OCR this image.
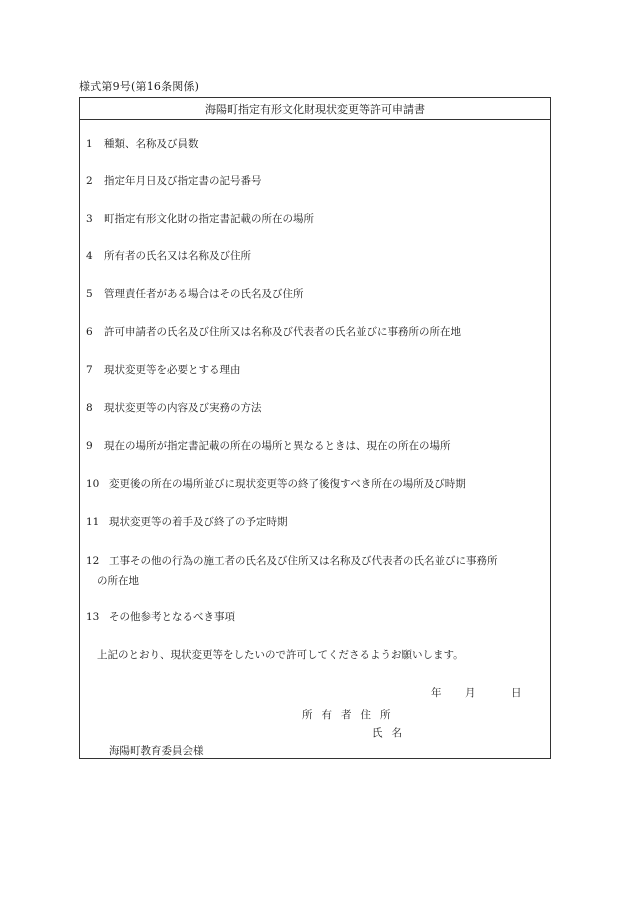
様式第9号(第16条関係)
海陽町指定有形文化財現状変更等許可申請書
1 種類、名称及び員数
2 指定年月日及び指定書の記号番号
3 町指定有形文化財の指定書記載の所在の場所
4 所有者の氏名又は名称及び住所
5 管理責任者がある場合はその氏名及び住所
6 許可申請者の氏名及び住所又は名称及び代表者の氏名並びに事務所の所在地
7 現状変更等を必要とする理由
8 現状変更等の内容及び実務の方法
9 現在の場所が指定書記載の所在の場所と異なるときは、現在の所在の場所
10 変更後の所在の場所並びに現状変更等の終了後復すべき所在の場所及び時期
11 現状変更等の着手及び終了の予定時期
12 工事その他の行為の施工者の氏名及び住所又は名称及び代表者の氏名並びに事務所
の所在地
13 その他参考となるべき事項
上記のとおり、現状変更等をしたいので許可してくださるようお願いします。
年 月	日
所有者住所
氏名
海陽町教育委員会様
